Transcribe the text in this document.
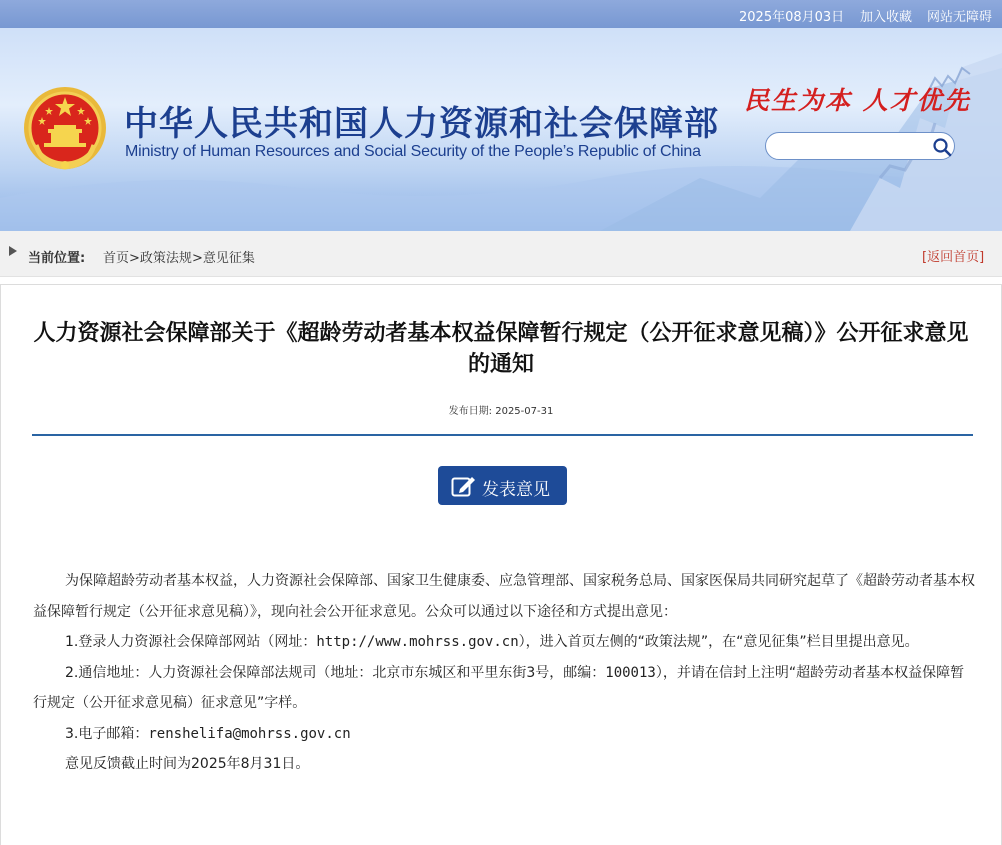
2025年08月03日 加入收藏 网站无障碍
中华人民共和国人力资源和社会保障部
Ministry of Human Resources and Social Security of the People’s Republic of China
民生为本 人才优先
当前位置: 首页>政策法规>意见征集	[返回首页]
人力资源社会保障部关于《超龄劳动者基本权益保障暂行规定（公开征求意见稿）》公开征求意见的通知
发布日期: 2025-07-31
发表意见

为保障超龄劳动者基本权益，人力资源社会保障部、国家卫生健康委、应急管理部、国家税务总局、国家医保局共同研究起草了《超龄劳动者基本权益保障暂行规定（公开征求意见稿）》，现向社会公开征求意见。公众可以通过以下途径和方式提出意见：

1.登录人力资源社会保障部网站（网址：http://www.mohrss.gov.cn），进入首页左侧的“政策法规”，在“意见征集”栏目里提出意见。

2.通信地址：人力资源社会保障部法规司（地址：北京市东城区和平里东街3号，邮编：100013），并请在信封上注明“超龄劳动者基本权益保障暂行规定（公开征求意见稿）征求意见”字样。

3.电子邮箱：renshelifa@mohrss.gov.cn

意见反馈截止时间为2025年8月31日。
